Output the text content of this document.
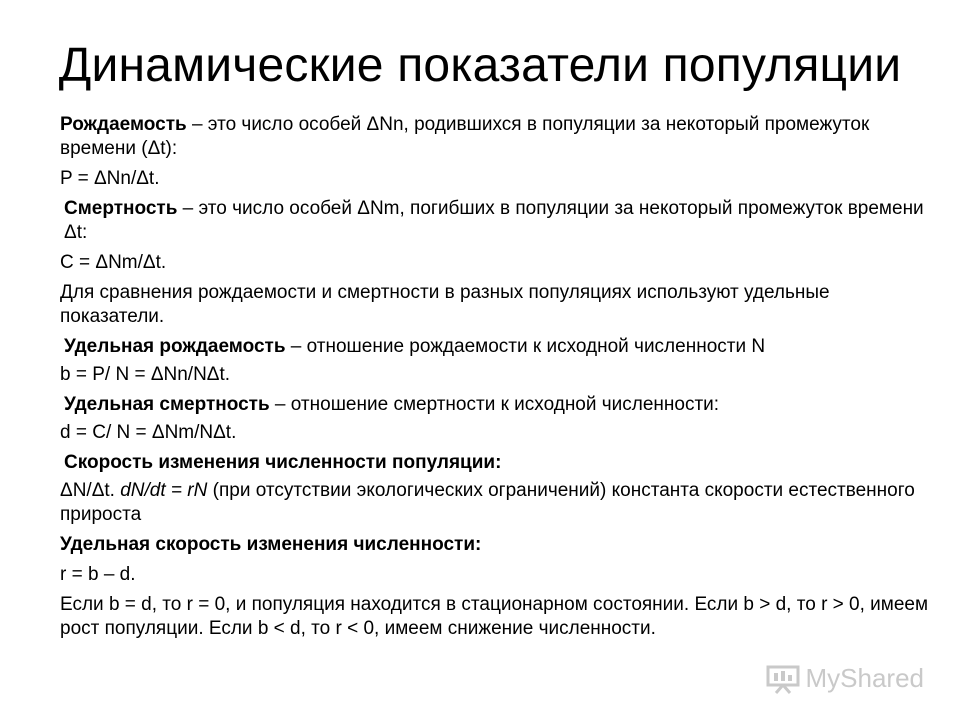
Динамические показатели популяции

Рождаемость – это число особей ΔNn, родившихся в популяции за некоторый промежуток времени (Δt):

P = ΔNn/Δt.

Смертность – это число особей ΔNm, погибших в популяции за некоторый промежуток времени Δt:

C = ΔNm/Δt.

Для сравнения рождаемости и смертности в разных популяциях используют удельные показатели.

Удельная рождаемость – отношение рождаемости к исходной численности N

b = P/ N = ΔNn/NΔt.

Удельная смертность – отношение смертности к исходной численности:

d = C/ N = ΔNm/NΔt.

Скорость изменения численности популяции:

ΔN/Δt. dN/dt = rN (при отсутствии экологических ограничений) константа скорости естественного прироста

Удельная скорость изменения численности:

r = b – d.

Если b = d, то r = 0, и популяция находится в стационарном состоянии. Если b > d, то r > 0, имеем рост популяции. Если b < d, то r < 0, имеем снижение численности.

MyShared
